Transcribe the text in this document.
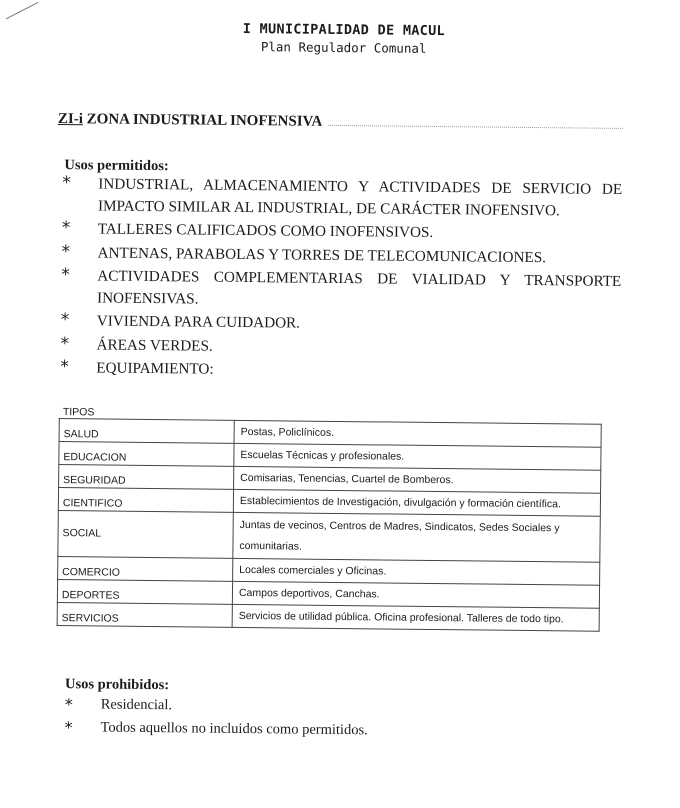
I MUNICIPALIDAD DE MACUL
Plan Regulador Comunal
ZI-i ZONA INDUSTRIAL INOFENSIVA
Usos permitidos:
* INDUSTRIAL, ALMACENAMIENTO Y ACTIVIDADES DE SERVICIO DE IMPACTO SIMILAR AL INDUSTRIAL, DE CARÁCTER INOFENSIVO.
* TALLERES CALIFICADOS COMO INOFENSIVOS.
* ANTENAS, PARABOLAS Y TORRES DE TELECOMUNICACIONES.
* ACTIVIDADES COMPLEMENTARIAS DE VIALIDAD Y TRANSPORTE INOFENSIVAS.
* VIVIENDA PARA CUIDADOR.
* ÁREAS VERDES.
* EQUIPAMIENTO:
TIPOS
SALUD	Postas, Policlínicos.
EDUCACION	Escuelas Técnicas y profesionales.
SEGURIDAD	Comisarias, Tenencias, Cuartel de Bomberos.
CIENTIFICO	Establecimientos de Investigación, divulgación y formación científica.
SOCIAL	Juntas de vecinos, Centros de Madres, Sindicatos, Sedes Sociales y comunitarias.
COMERCIO	Locales comerciales y Oficinas.
DEPORTES	Campos deportivos, Canchas.
SERVICIOS	Servicios de utilidad pública. Oficina profesional. Talleres de todo tipo.
Usos prohibidos:
* Residencial.
* Todos aquellos no incluidos como permitidos.
